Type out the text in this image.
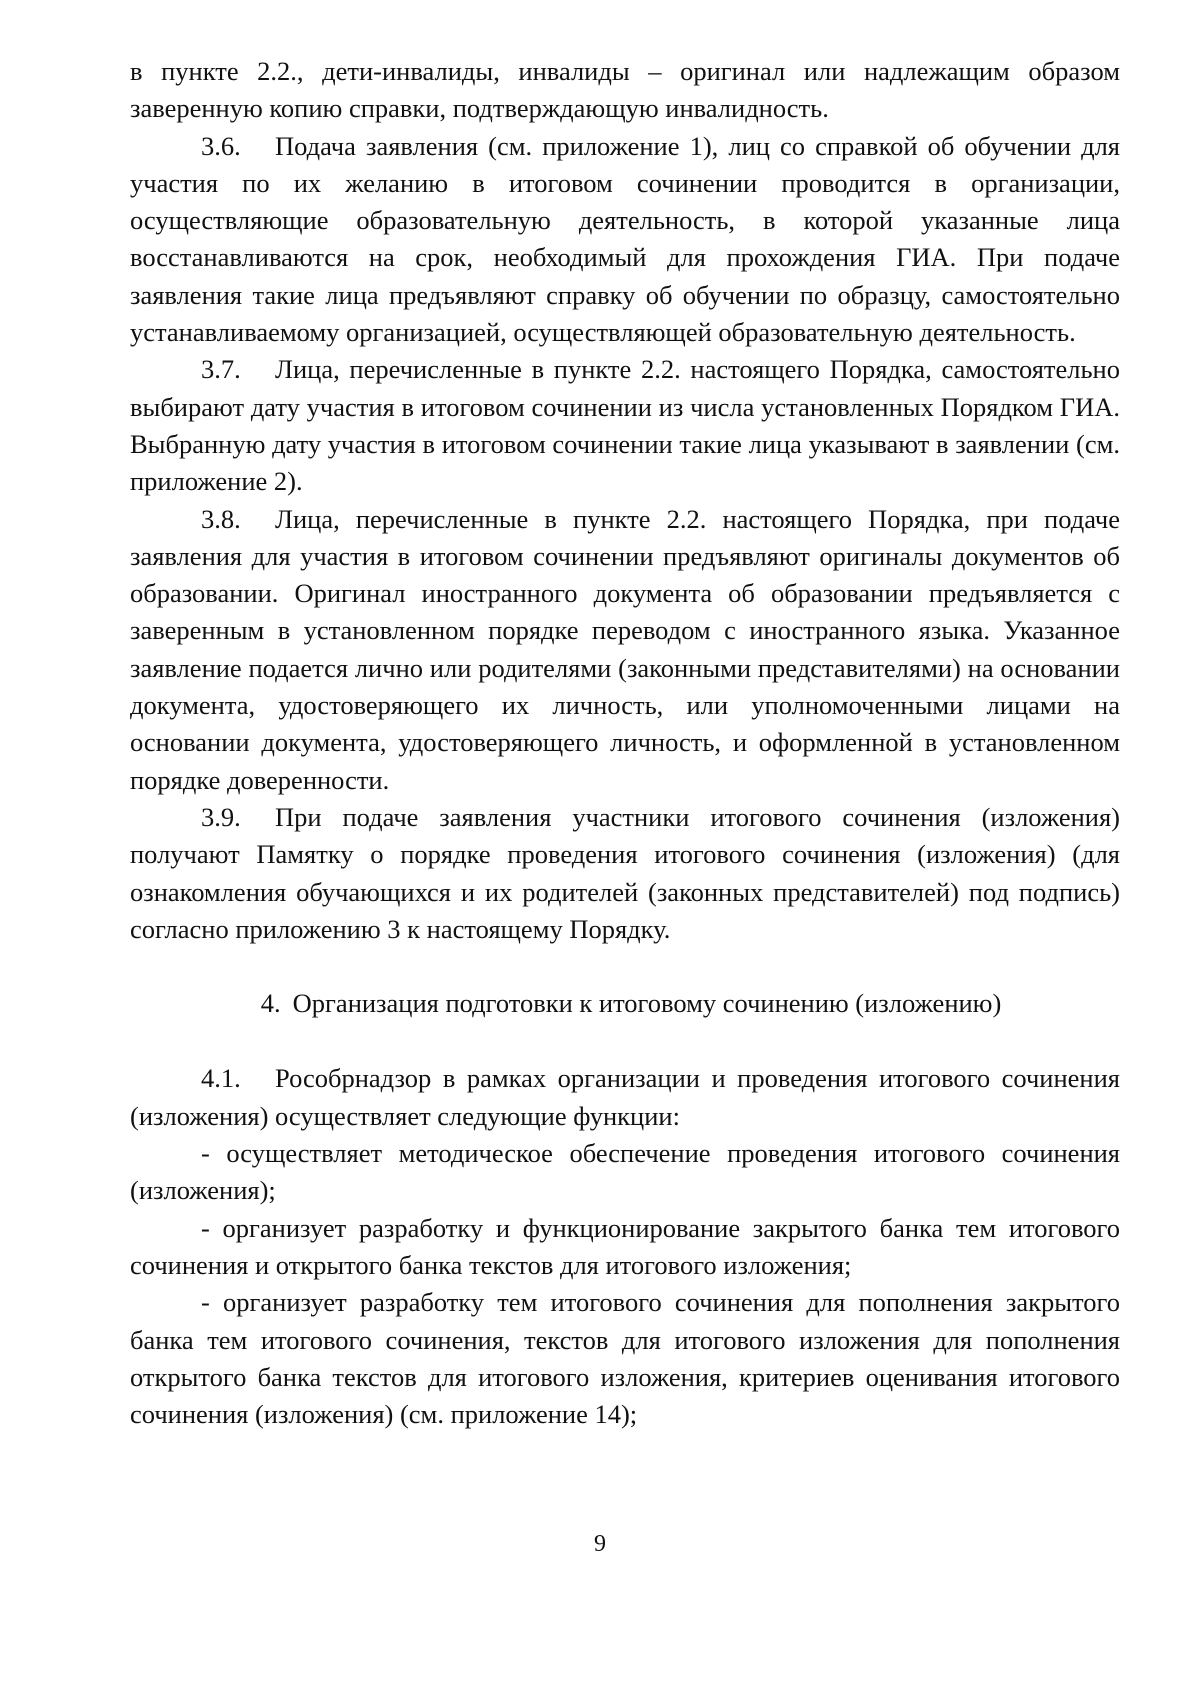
в пункте 2.2., дети-инвалиды, инвалиды – оригинал или надлежащим образом заверенную копию справки, подтверждающую инвалидность.

3.6. Подача заявления (см. приложение 1), лиц со справкой об обучении для участия по их желанию в итоговом сочинении проводится в организации, осуществляющие образовательную деятельность, в которой указанные лица восстанавливаются на срок, необходимый для прохождения ГИА. При подаче заявления такие лица предъявляют справку об обучении по образцу, самостоятельно устанавливаемому организацией, осуществляющей образовательную деятельность.

3.7. Лица, перечисленные в пункте 2.2. настоящего Порядка, самостоятельно выбирают дату участия в итоговом сочинении из числа установленных Порядком ГИА. Выбранную дату участия в итоговом сочинении такие лица указывают в заявлении (см. приложение 2).

3.8. Лица, перечисленные в пункте 2.2. настоящего Порядка, при подаче заявления для участия в итоговом сочинении предъявляют оригиналы документов об образовании. Оригинал иностранного документа об образовании предъявляется с заверенным в установленном порядке переводом с иностранного языка. Указанное заявление подается лично или родителями (законными представителями) на основании документа, удостоверяющего их личность, или уполномоченными лицами на основании документа, удостоверяющего личность, и оформленной в установленном порядке доверенности.

3.9. При подаче заявления участники итогового сочинения (изложения) получают Памятку о порядке проведения итогового сочинения (изложения) (для ознакомления обучающихся и их родителей (законных представителей) под подпись) согласно приложению 3 к настоящему Порядку.

4. Организация подготовки к итоговому сочинению (изложению)

4.1. Рособрнадзор в рамках организации и проведения итогового сочинения (изложения) осуществляет следующие функции:

- осуществляет методическое обеспечение проведения итогового сочинения (изложения);

- организует разработку и функционирование закрытого банка тем итогового сочинения и открытого банка текстов для итогового изложения;

- организует разработку тем итогового сочинения для пополнения закрытого банка тем итогового сочинения, текстов для итогового изложения для пополнения открытого банка текстов для итогового изложения, критериев оценивания итогового сочинения (изложения) (см. приложение 14);

9
